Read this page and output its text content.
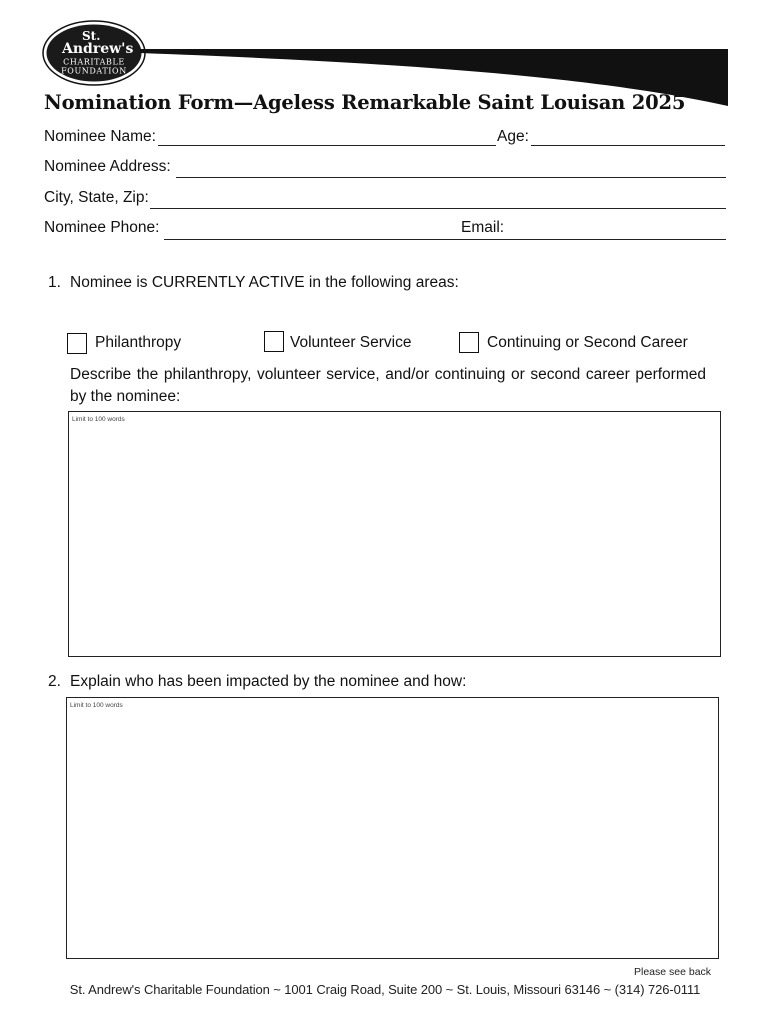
St.
Andrew's
CHARITABLE
FOUNDATION
Nomination Form—Ageless Remarkable Saint Louisan 2025
Nominee Name:	Age:
Nominee Address:
City, State, Zip:
Nominee Phone:	Email:
1. Nominee is CURRENTLY ACTIVE in the following areas:
Philanthropy	Volunteer Service	Continuing or Second Career

Describe the philanthropy, volunteer service, and/or continuing or second career performed by the nominee:

Limit to 100 words
2. Explain who has been impacted by the nominee and how:
Limit to 100 words
Please see back
St. Andrew's Charitable Foundation ~ 1001 Craig Road, Suite 200 ~ St. Louis, Missouri 63146 ~ (314) 726-0111
